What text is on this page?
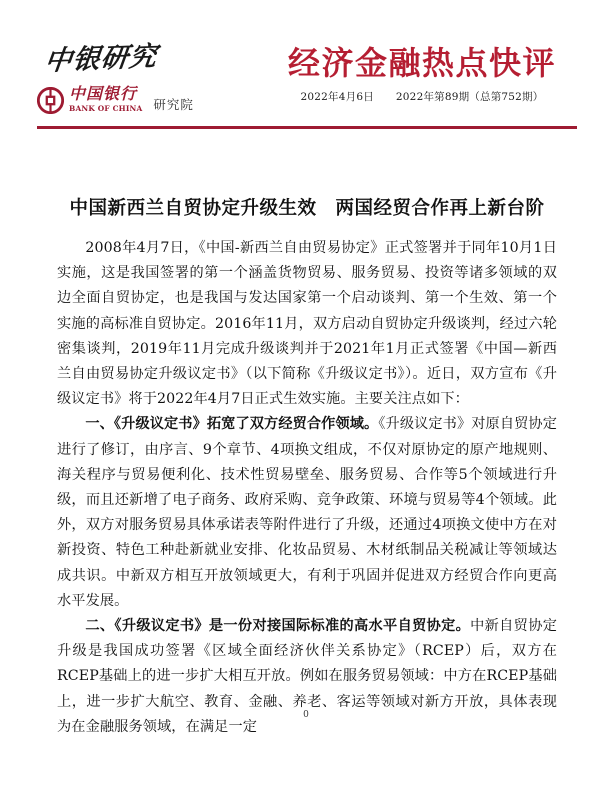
中银研究
中国银行
BANK OF CHINA 研究院
经济金融热点快评
2022年4月6日 2022年第89期（总第752期）
中国新西兰自贸协定升级生效　两国经贸合作再上新台阶

2008年4月7日，《中国-新西兰自由贸易协定》正式签署并于同年10月1日实施，这是我国签署的第一个涵盖货物贸易、服务贸易、投资等诸多领域的双边全面自贸协定，也是我国与发达国家第一个启动谈判、第一个生效、第一个实施的高标准自贸协定。2016年11月，双方启动自贸协定升级谈判，经过六轮密集谈判，2019年11月完成升级谈判并于2021年1月正式签署《中国—新西兰自由贸易协定升级议定书》（以下简称《升级议定书》）。近日，双方宣布《升级议定书》将于2022年4月7日正式生效实施。主要关注点如下：

一、《升级议定书》拓宽了双方经贸合作领域。《升级议定书》对原自贸协定进行了修订，由序言、9个章节、4项换文组成，不仅对原协定的原产地规则、海关程序与贸易便利化、技术性贸易壁垒、服务贸易、合作等5个领域进行升级，而且还新增了电子商务、政府采购、竞争政策、环境与贸易等4个领域。此外，双方对服务贸易具体承诺表等附件进行了升级，还通过4项换文使中方在对新投资、特色工种赴新就业安排、化妆品贸易、木材纸制品关税减让等领域达成共识。中新双方相互开放领域更大，有利于巩固并促进双方经贸合作向更高水平发展。

二、《升级议定书》是一份对接国际标准的高水平自贸协定。中新自贸协定升级是我国成功签署《区域全面经济伙伴关系协定》（RCEP）后，双方在RCEP基础上的进一步扩大相互开放。例如在服务贸易领域：中方在RCEP基础上，进一步扩大航空、教育、金融、养老、客运等领域对新方开放，具体表现为在金融服务领域，在满足一定

0
